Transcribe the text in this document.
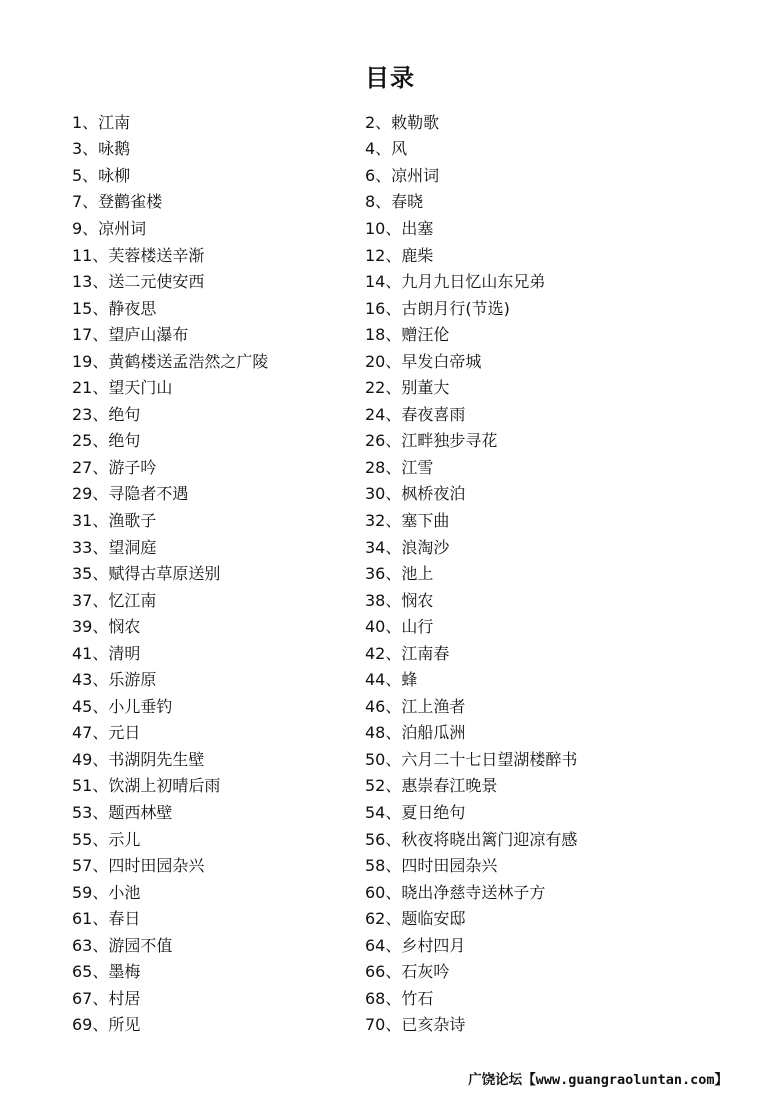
目录
1、江南	2、敕勒歌
3、咏鹅	4、风
5、咏柳	6、凉州词
7、登鹳雀楼	8、春晓
9、凉州词	10、出塞
11、芙蓉楼送辛渐	12、鹿柴
13、送二元使安西	14、九月九日忆山东兄弟
15、静夜思	16、古朗月行(节选)
17、望庐山瀑布	18、赠汪伦
19、黄鹤楼送孟浩然之广陵	20、早发白帝城
21、望天门山	22、别董大
23、绝句	24、春夜喜雨
25、绝句	26、江畔独步寻花
27、游子吟	28、江雪
29、寻隐者不遇	30、枫桥夜泊
31、渔歌子	32、塞下曲
33、望洞庭	34、浪淘沙
35、赋得古草原送别	36、池上
37、忆江南	38、悯农
39、悯农	40、山行
41、清明	42、江南春
43、乐游原	44、蜂
45、小儿垂钓	46、江上渔者
47、元日	48、泊船瓜洲
49、书湖阴先生壁	50、六月二十七日望湖楼醉书
51、饮湖上初晴后雨	52、惠崇春江晚景
53、题西林壁	54、夏日绝句
55、示儿	56、秋夜将晓出篱门迎凉有感
57、四时田园杂兴	58、四时田园杂兴
59、小池	60、晓出净慈寺送林子方
61、春日	62、题临安邸
63、游园不值	64、乡村四月
65、墨梅	66、石灰吟
67、村居	68、竹石
69、所见	70、已亥杂诗
广饶论坛【www.guangraoluntan.com】
